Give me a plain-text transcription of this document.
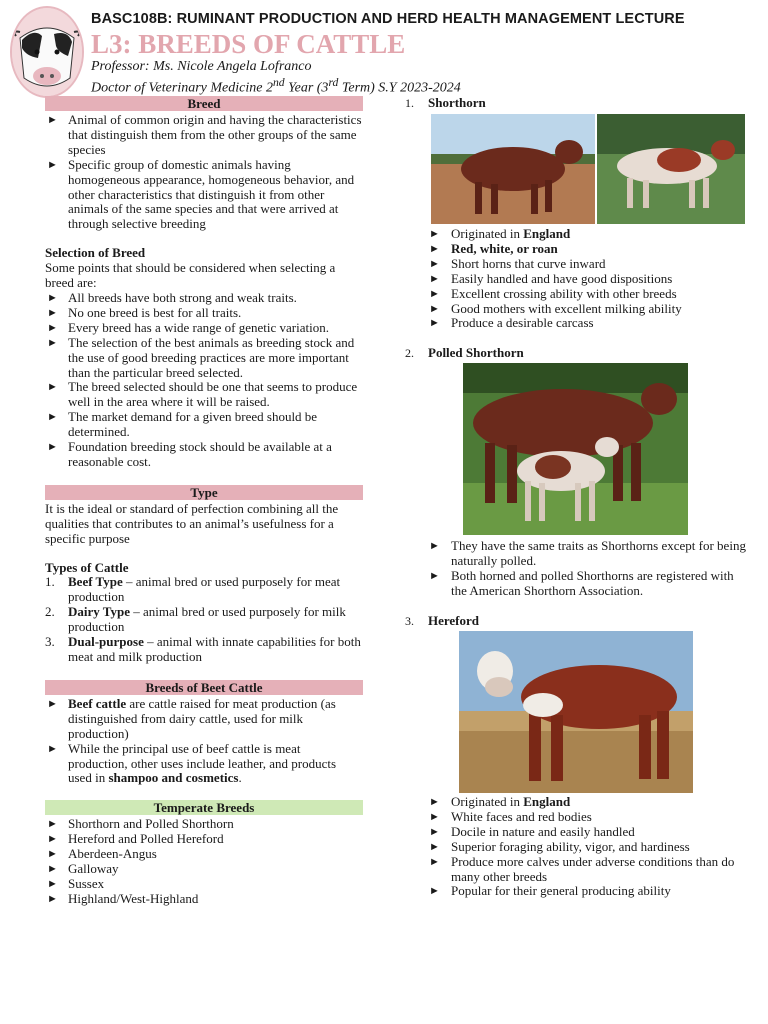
BASC108B: RUMINANT PRODUCTION AND HERD HEALTH MANAGEMENT LECTURE
L3: BREEDS OF CATTLE
Professor: Ms. Nicole Angela Lofranco
Doctor of Veterinary Medicine 2nd Year (3rd Term) S.Y 2023-2024
Breed
► Animal of common origin and having the characteristics that distinguish them from the other groups of the same species
► Specific group of domestic animals having homogeneous appearance, homogeneous behavior, and other characteristics that distinguish it from other animals of the same species and that were arrived at through selective breeding
Selection of Breed
Some points that should be considered when selecting a breed are:
► All breeds have both strong and weak traits.
► No one breed is best for all traits.
► Every breed has a wide range of genetic variation.
► The selection of the best animals as breeding stock and the use of good breeding practices are more important than the particular breed selected.
► The breed selected should be one that seems to produce well in the area where it will be raised.
► The market demand for a given breed should be determined.
► Foundation breeding stock should be available at a reasonable cost.
Type
It is the ideal or standard of perfection combining all the qualities that contributes to an animal’s usefulness for a specific purpose
Types of Cattle
1. Beef Type – animal bred or used purposely for meat production
2. Dairy Type – animal bred or used purposely for milk production
3. Dual-purpose – animal with innate capabilities for both meat and milk production
Breeds of Beet Cattle
► Beef cattle are cattle raised for meat production (as distinguished from dairy cattle, used for milk production)
► While the principal use of beef cattle is meat production, other uses include leather, and products used in shampoo and cosmetics.
Temperate Breeds
► Shorthorn and Polled Shorthorn
► Hereford and Polled Hereford
► Aberdeen-Angus
► Galloway
► Sussex
► Highland/West-Highland
1. Shorthorn
► Originated in England
► Red, white, or roan
► Short horns that curve inward
► Easily handled and have good dispositions
► Excellent crossing ability with other breeds
► Good mothers with excellent milking ability
► Produce a desirable carcass
2. Polled Shorthorn
► They have the same traits as Shorthorns except for being naturally polled.
► Both horned and polled Shorthorns are registered with the American Shorthorn Association.
3. Hereford
► Originated in England
► White faces and red bodies
► Docile in nature and easily handled
► Superior foraging ability, vigor, and hardiness
► Produce more calves under adverse conditions than do many other breeds
► Popular for their general producing ability
